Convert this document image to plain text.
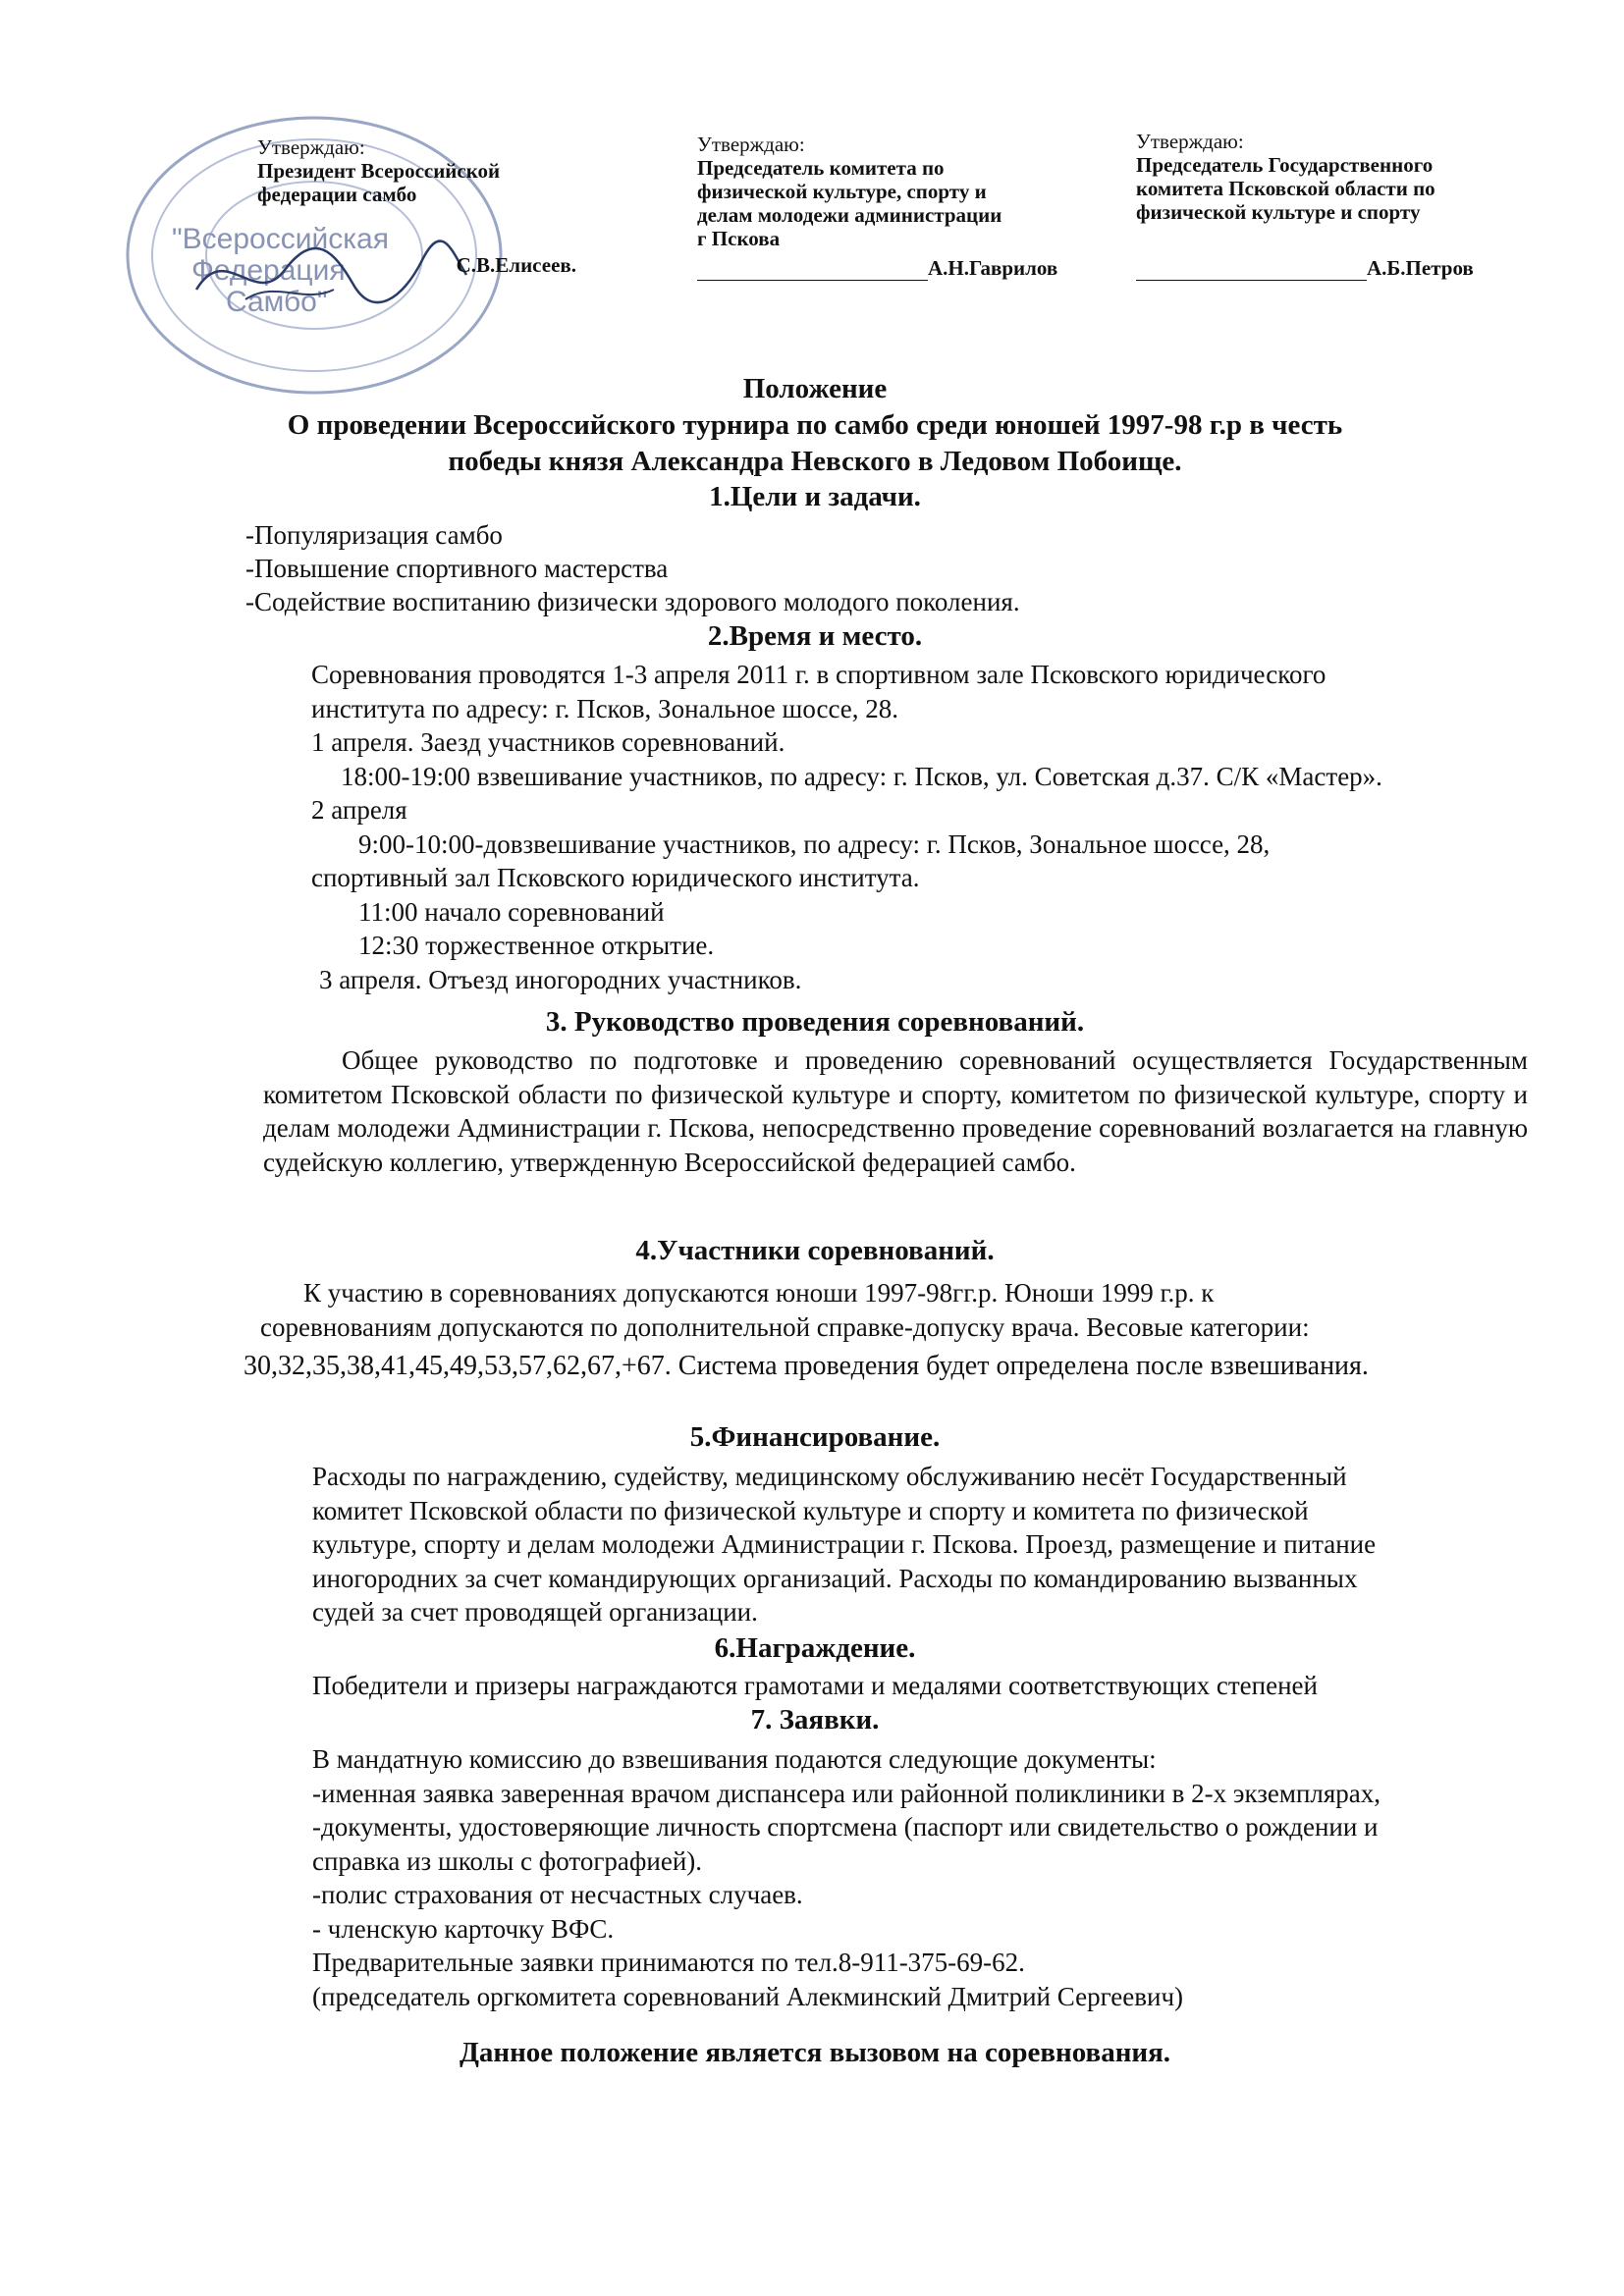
"Всероссийская
Федерация
Самбо"
Утверждаю:
Президент Всероссийской
федерации самбо
С.В.Елисеев.
Утверждаю:
Председатель комитета по
физической культуре, спорту и
делам молодежи администрации
г Пскова
А.Н.Гаврилов
Утверждаю:
Председатель Государственного
комитета Псковской области по
физической культуре и спорту
А.Б.Петров
Положение
О проведении Всероссийского турнира по самбо среди юношей 1997-98 г.р в честь
победы князя Александра Невского в Ледовом Побоище.
1.Цели и задачи.
-Популяризация самбо
-Повышение спортивного мастерства
-Содействие воспитанию физически здорового молодого поколения.
2.Время и место.
Соревнования проводятся 1-3 апреля 2011 г. в спортивном зале Псковского юридического
института по адресу: г. Псков, Зональное шоссе, 28.
1 апреля. Заезд участников соревнований.
18:00-19:00 взвешивание участников, по адресу: г. Псков, ул. Советская д.37. С/К «Мастер».
2 апреля
9:00-10:00-довзвешивание участников, по адресу: г. Псков, Зональное шоссе, 28,
спортивный зал Псковского юридического института.
11:00 начало соревнований
12:30 торжественное открытие.
3 апреля. Отъезд иногородних участников.
3. Руководство проведения соревнований.
Общее руководство по подготовке и проведению соревнований осуществляется Государственным комитетом Псковской области по физической культуре и спорту, комитетом по физической культуре, спорту и делам молодежи Администрации г. Пскова, непосредственно проведение соревнований возлагается на главную судейскую коллегию, утвержденную Всероссийской федерацией самбо.
4.Участники соревнований.
К участию в соревнованиях допускаются юноши 1997-98гг.р. Юноши 1999 г.р. к
соревнованиям допускаются по дополнительной справке-допуску врача. Весовые категории:
30,32,35,38,41,45,49,53,57,62,67,+67. Система проведения будет определена после взвешивания.
5.Финансирование.
Расходы по награждению, судейству, медицинскому обслуживанию несёт Государственный
комитет Псковской области по физической культуре и спорту и комитета по физической
культуре, спорту и делам молодежи Администрации г. Пскова. Проезд, размещение и питание
иногородних за счет командирующих организаций. Расходы по командированию вызванных
судей за счет проводящей организации.
6.Награждение.
Победители и призеры награждаются грамотами и медалями соответствующих степеней
7. Заявки.
В мандатную комиссию до взвешивания подаются следующие документы:
-именная заявка заверенная врачом диспансера или районной поликлиники в 2-х экземплярах,
-документы, удостоверяющие личность спортсмена (паспорт или свидетельство о рождении и
справка из школы с фотографией).
-полис страхования от несчастных случаев.
- членскую карточку ВФС.
Предварительные заявки принимаются по тел.8-911-375-69-62.
(председатель оргкомитета соревнований Алекминский Дмитрий Сергеевич)
Данное положение является вызовом на соревнования.
